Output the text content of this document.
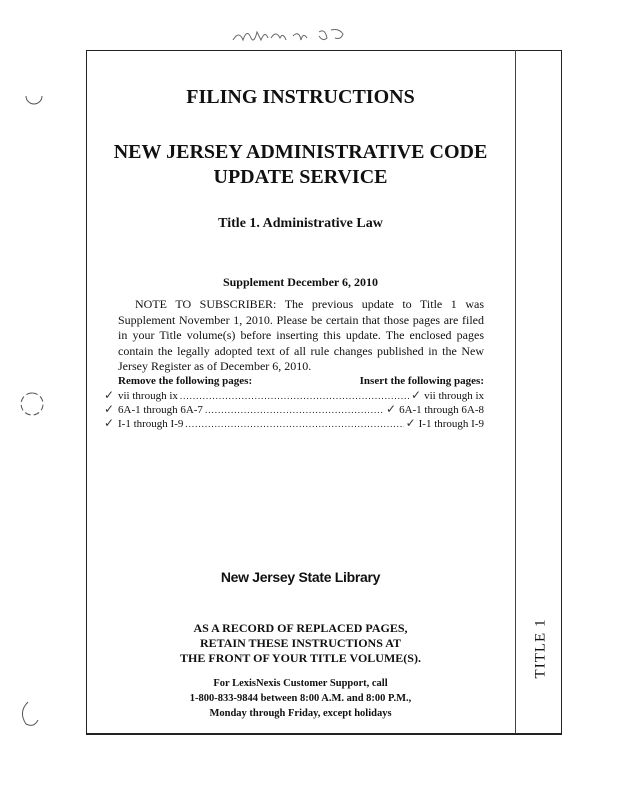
TITLE 1
FILING INSTRUCTIONS
NEW JERSEY ADMINISTRATIVE CODE
UPDATE SERVICE
Title 1. Administrative Law
Supplement December 6, 2010

NOTE TO SUBSCRIBER: The previous update to Title 1 was Supplement November 1, 2010. Please be certain that those pages are filed in your Title volume(s) before inserting this update. The enclosed pages contain the legally adopted text of all rule changes published in the New Jersey Register as of December 6, 2010.

Remove the following pages:	Insert the following pages:
✓ vii through ix .....	✓ vii through ix
✓ 6A-1 through 6A-7 .....	✓ 6A-1 through 6A-8
✓ I-1 through I-9 .....	✓ I-1 through I-9
New Jersey State Library
AS A RECORD OF REPLACED PAGES,
RETAIN THESE INSTRUCTIONS AT
THE FRONT OF YOUR TITLE VOLUME(S).
For LexisNexis Customer Support, call
1-800-833-9844 between 8:00 A.M. and 8:00 P.M.,
Monday through Friday, except holidays
